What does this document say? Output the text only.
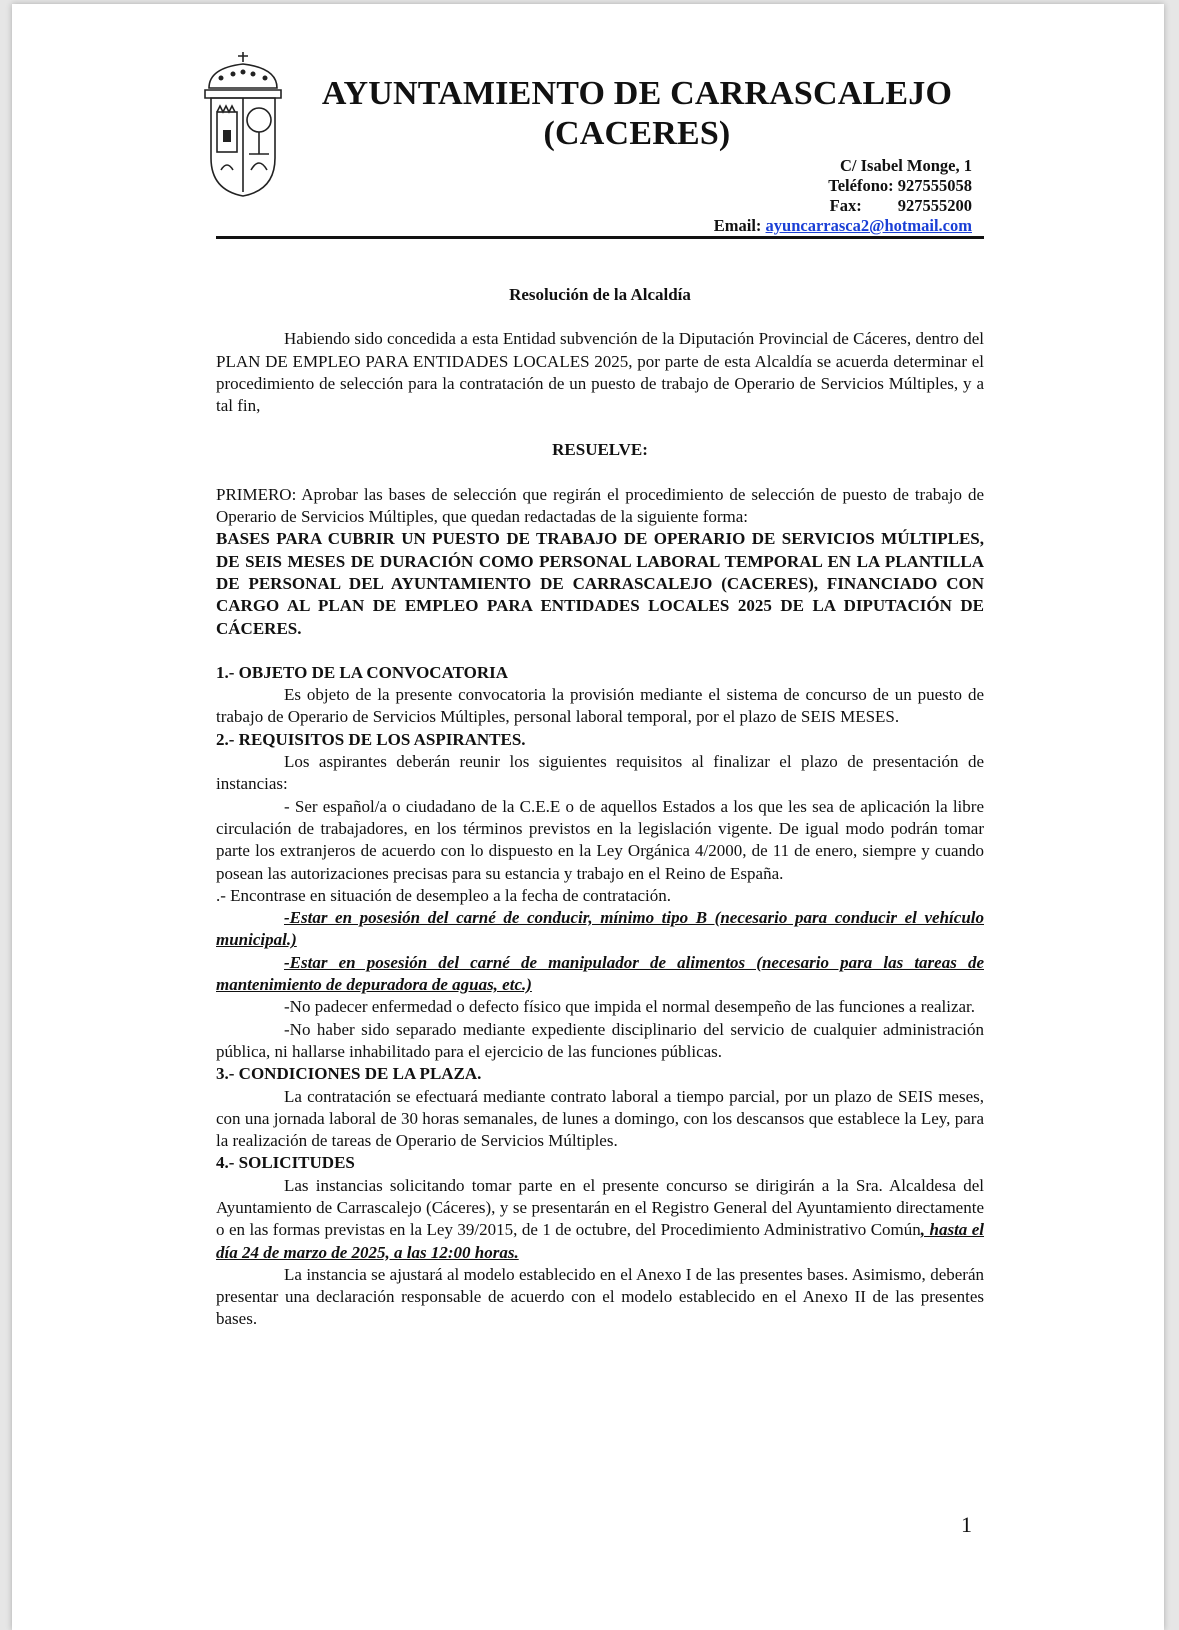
AYUNTAMIENTO DE CARRASCALEJO
(CACERES)
C/ Isabel Monge, 1
Teléfono: 927555058
Fax: 927555200
Email: ayuncarrasca2@hotmail.com

Resolución de la Alcaldía

Habiendo sido concedida a esta Entidad subvención de la Diputación Provincial de Cáceres, dentro del PLAN DE EMPLEO PARA ENTIDADES LOCALES 2025, por parte de esta Alcaldía se acuerda determinar el procedimiento de selección para la contratación de un puesto de trabajo de Operario de Servicios Múltiples, y a tal fin,

RESUELVE:

PRIMERO: Aprobar las bases de selección que regirán el procedimiento de selección de puesto de trabajo de Operario de Servicios Múltiples, que quedan redactadas de la siguiente forma:

BASES PARA CUBRIR UN PUESTO DE TRABAJO DE OPERARIO DE SERVICIOS MÚLTIPLES, DE SEIS MESES DE DURACIÓN COMO PERSONAL LABORAL TEMPORAL EN LA PLANTILLA DE PERSONAL DEL AYUNTAMIENTO DE CARRASCALEJO (CACERES), FINANCIADO CON CARGO AL PLAN DE EMPLEO PARA ENTIDADES LOCALES 2025 DE LA DIPUTACIÓN DE CÁCERES.

1.- OBJETO DE LA CONVOCATORIA

Es objeto de la presente convocatoria la provisión mediante el sistema de concurso de un puesto de trabajo de Operario de Servicios Múltiples, personal laboral temporal, por el plazo de SEIS MESES.

2.- REQUISITOS DE LOS ASPIRANTES.

Los aspirantes deberán reunir los siguientes requisitos al finalizar el plazo de presentación de instancias:

- Ser español/a o ciudadano de la C.E.E o de aquellos Estados a los que les sea de aplicación la libre circulación de trabajadores, en los términos previstos en la legislación vigente. De igual modo podrán tomar parte los extranjeros de acuerdo con lo dispuesto en la Ley Orgánica 4/2000, de 11 de enero, siempre y cuando posean las autorizaciones precisas para su estancia y trabajo en el Reino de España.

.- Encontrase en situación de desempleo a la fecha de contratación.

-Estar en posesión del carné de conducir, mínimo tipo B (necesario para conducir el vehículo municipal.)

-Estar en posesión del carné de manipulador de alimentos (necesario para las tareas de mantenimiento de depuradora de aguas, etc.)

-No padecer enfermedad o defecto físico que impida el normal desempeño de las funciones a realizar.

-No haber sido separado mediante expediente disciplinario del servicio de cualquier administración pública, ni hallarse inhabilitado para el ejercicio de las funciones públicas.

3.- CONDICIONES DE LA PLAZA.

La contratación se efectuará mediante contrato laboral a tiempo parcial, por un plazo de SEIS meses, con una jornada laboral de 30 horas semanales, de lunes a domingo, con los descansos que establece la Ley, para la realización de tareas de Operario de Servicios Múltiples.

4.- SOLICITUDES

Las instancias solicitando tomar parte en el presente concurso se dirigirán a la Sra. Alcaldesa del Ayuntamiento de Carrascalejo (Cáceres), y se presentarán en el Registro General del Ayuntamiento directamente o en las formas previstas en la Ley 39/2015, de 1 de octubre, del Procedimiento Administrativo Común, hasta el día 24 de marzo de 2025, a las 12:00 horas.

La instancia se ajustará al modelo establecido en el Anexo I de las presentes bases. Asimismo, deberán presentar una declaración responsable de acuerdo con el modelo establecido en el Anexo II de las presentes bases.

1
